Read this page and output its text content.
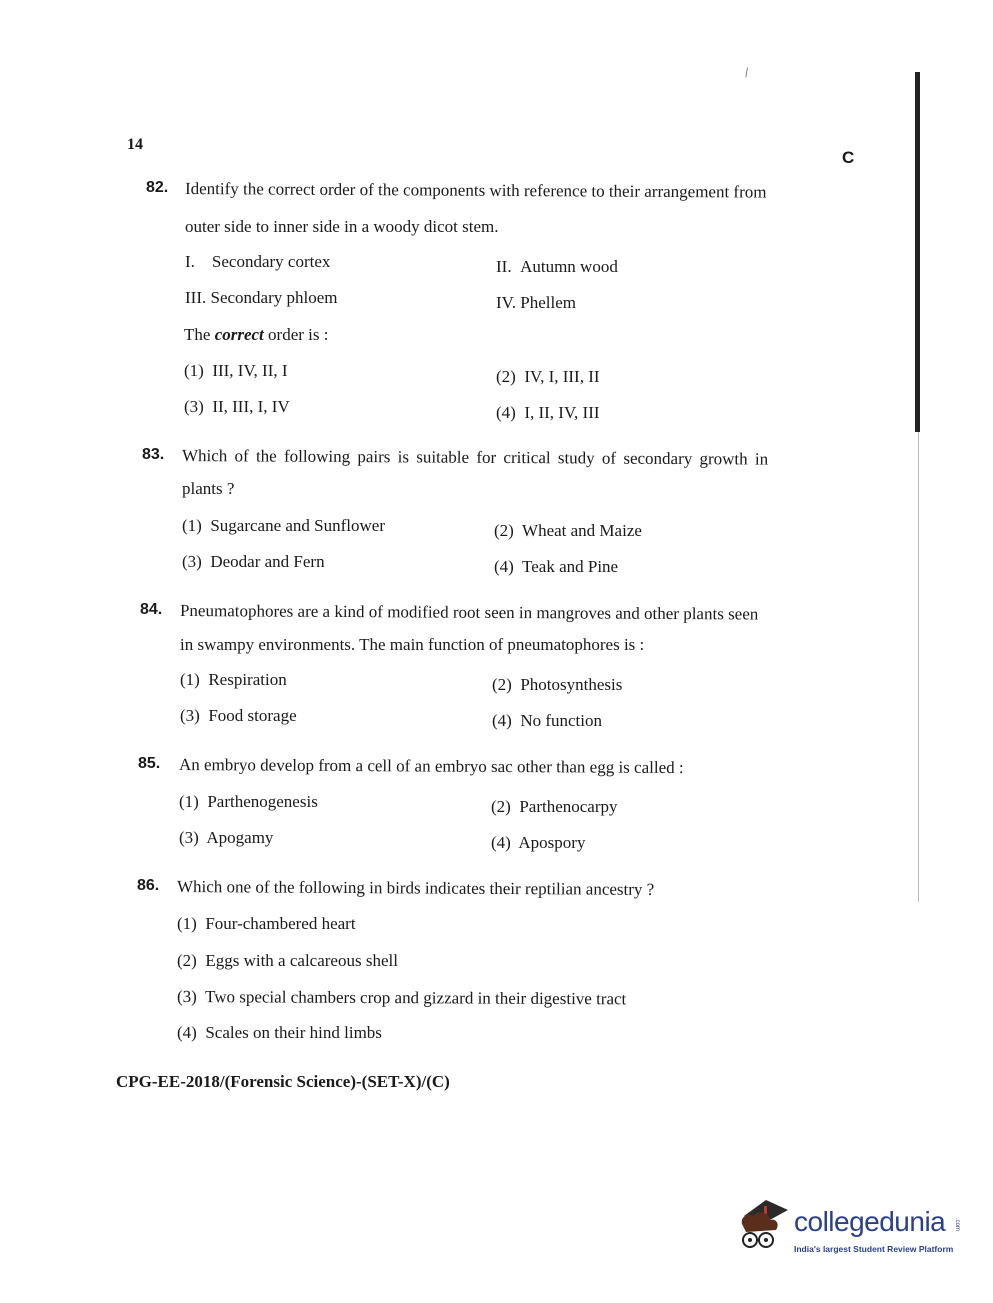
/
14
C
82. Identify the correct order of the components with reference to their arrangement from
outer side to inner side in a woody dicot stem.
I. Secondary cortex	II. Autumn wood
III. Secondary phloem	IV. Phellem
The correct order is :
(1) III, IV, II, I	(2) IV, I, III, II
(3) II, III, I, IV	(4) I, II, IV, III
83. Which of the following pairs is suitable for critical study of secondary growth in
plants ?
(1) Sugarcane and Sunflower	(2) Wheat and Maize
(3) Deodar and Fern	(4) Teak and Pine
84. Pneumatophores are a kind of modified root seen in mangroves and other plants seen
in swampy environments. The main function of pneumatophores is :
(1) Respiration	(2) Photosynthesis
(3) Food storage	(4) No function
85. An embryo develop from a cell of an embryo sac other than egg is called :
(1) Parthenogenesis	(2) Parthenocarpy
(3) Apogamy	(4) Apospory
86. Which one of the following in birds indicates their reptilian ancestry ?
(1) Four-chambered heart
(2) Eggs with a calcareous shell
(3) Two special chambers crop and gizzard in their digestive tract
(4) Scales on their hind limbs
CPG-EE-2018/(Forensic Science)-(SET-X)/(C)
collegedunia .com
India's largest Student Review Platform
